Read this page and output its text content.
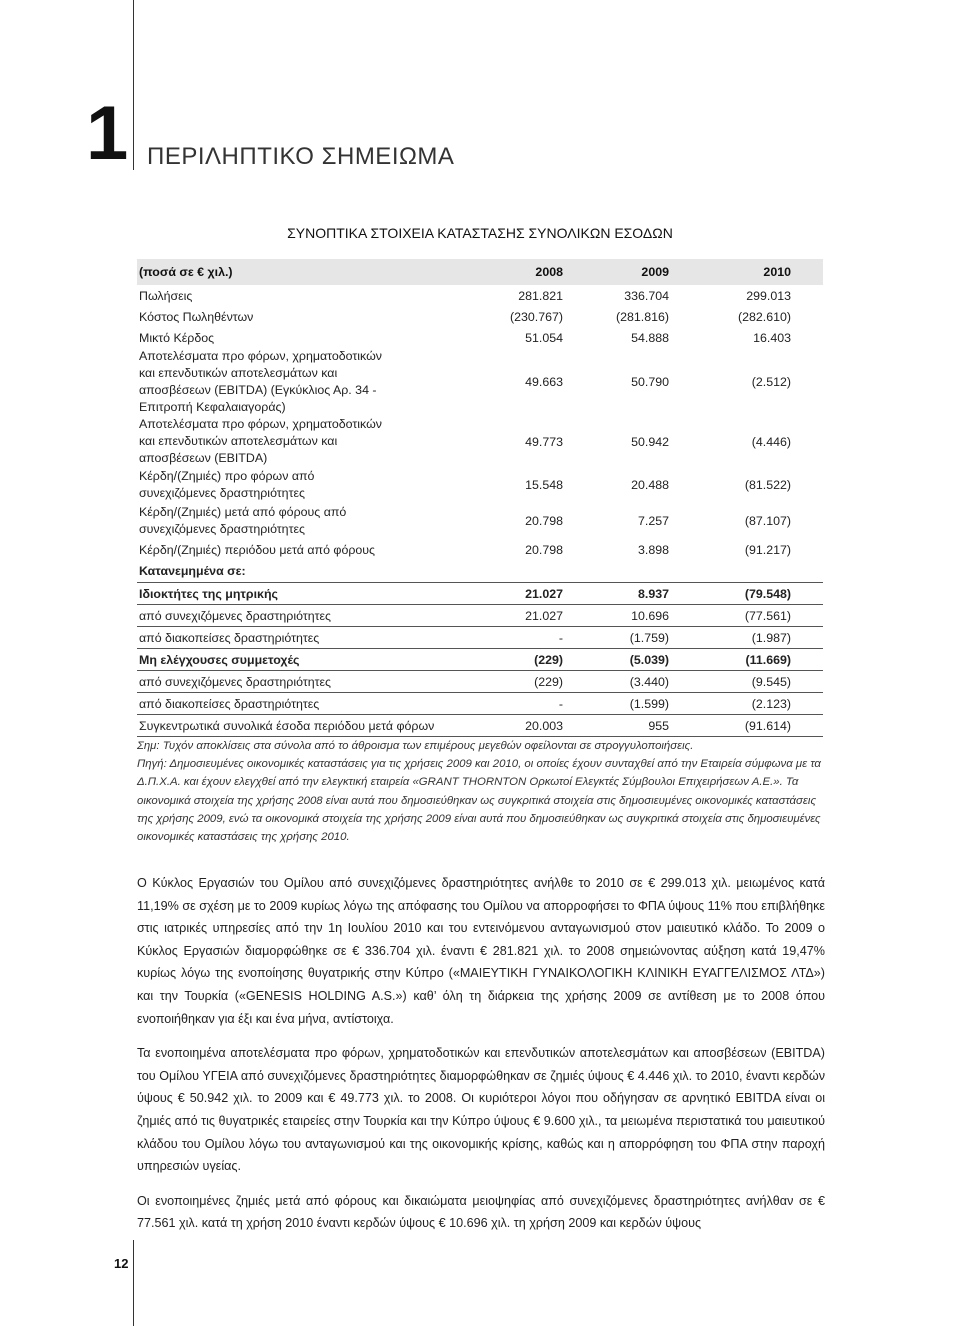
1 ΠΕΡΙΛΗΠΤΙΚΟ ΣΗΜΕΙΩΜΑ
ΣΥΝΟΠΤΙΚΑ ΣΤΟΙΧΕΙΑ ΚΑΤΑΣΤΑΣΗΣ ΣΥΝΟΛΙΚΩΝ ΕΣΟΔΩΝ
(ποσά σε € χιλ.)	2008	2009	2010
Πωλήσεις	281.821	336.704	299.013
Κόστος Πωληθέντων	(230.767)	(281.816)	(282.610)
Μικτό Κέρδος	51.054	54.888	16.403
Αποτελέσματα προ φόρων, χρηματοδοτικών και επενδυτικών αποτελεσμάτων και αποσβέσεων (EBITDA) (Εγκύκλιος Αρ. 34 - Επιτροπή Κεφαλαιαγοράς)	49.663	50.790	(2.512)
Αποτελέσματα προ φόρων, χρηματοδοτικών και επενδυτικών αποτελεσμάτων και αποσβέσεων (EBITDA)	49.773	50.942	(4.446)
Κέρδη/(Ζημιές) προ φόρων από συνεχιζόμενες δραστηριότητες	15.548	20.488	(81.522)
Κέρδη/(Ζημιές) μετά από φόρους από συνεχιζόμενες δραστηριότητες	20.798	7.257	(87.107)
Κέρδη/(Ζημιές) περιόδου μετά από φόρους	20.798	3.898	(91.217)
Κατανεμημένα σε:			
Ιδιοκτήτες της μητρικής	21.027	8.937	(79.548)
από συνεχιζόμενες δραστηριότητες	21.027	10.696	(77.561)
από διακοπείσες δραστηριότητες	-	(1.759)	(1.987)
Μη ελέγχουσες συμμετοχές	(229)	(5.039)	(11.669)
από συνεχιζόμενες δραστηριότητες	(229)	(3.440)	(9.545)
από διακοπείσες δραστηριότητες	-	(1.599)	(2.123)
Συγκεντρωτικά συνολικά έσοδα περιόδου μετά φόρων	20.003	955	(91.614)

Σημ: Τυχόν αποκλίσεις στα σύνολα από το άθροισμα των επιμέρους μεγεθών οφείλονται σε στρογγυλοποιήσεις.

Πηγή: Δημοσιευμένες οικονομικές καταστάσεις για τις χρήσεις 2009 και 2010, οι οποίες έχουν συνταχθεί από την Εταιρεία σύμφωνα με τα Δ.Π.Χ.Α. και έχουν ελεγχθεί από την ελεγκτική εταιρεία «GRANT THORNTON Ορκωτοί Ελεγκτές Σύμβουλοι Επιχειρήσεων Α.Ε.». Τα οικονομικά στοιχεία της χρήσης 2008 είναι αυτά που δημοσιεύθηκαν ως συγκριτικά στοιχεία στις δημοσιευμένες οικονομικές καταστάσεις της χρήσης 2009, ενώ τα οικονομικά στοιχεία της χρήσης 2009 είναι αυτά που δημοσιεύθηκαν ως συγκριτικά στοιχεία στις δημοσιευμένες οικονομικές καταστάσεις της χρήσης 2010.

Ο Κύκλος Εργασιών του Ομίλου από συνεχιζόμενες δραστηριότητες ανήλθε το 2010 σε € 299.013 χιλ. μειωμένος κατά 11,19% σε σχέση με το 2009 κυρίως λόγω της απόφασης του Ομίλου να απορροφήσει το ΦΠΑ ύψους 11% που επιβλήθηκε στις ιατρικές υπηρεσίες από την 1η Ιουλίου 2010 και του εντεινόμενου ανταγωνισμού στον μαιευτικό κλάδο. Το 2009 ο Κύκλος Εργασιών διαμορφώθηκε σε € 336.704 χιλ. έναντι € 281.821 χιλ. το 2008 σημειώνοντας αύξηση κατά 19,47% κυρίως λόγω της ενοποίησης θυγατρικής στην Κύπρο («ΜΑΙΕΥΤΙΚΗ ΓΥΝΑΙΚΟΛΟΓΙΚΗ ΚΛΙΝΙΚΗ ΕΥΑΓΓΕΛΙΣΜΟΣ ΛΤΔ») και την Τουρκία («GENESIS HOLDING A.S.») καθ’ όλη τη διάρκεια της χρήσης 2009 σε αντίθεση με το 2008 όπου ενοποιήθηκαν για έξι και ένα μήνα, αντίστοιχα.

Τα ενοποιημένα αποτελέσματα προ φόρων, χρηματοδοτικών και επενδυτικών αποτελεσμάτων και αποσβέσεων (EBITDA) του Ομίλου ΥΓΕΙΑ από συνεχιζόμενες δραστηριότητες διαμορφώθηκαν σε ζημιές ύψους € 4.446 χιλ. το 2010, έναντι κερδών ύψους € 50.942 χιλ. το 2009 και € 49.773 χιλ. το 2008. Οι κυριότεροι λόγοι που οδήγησαν σε αρνητικό EBITDA είναι οι ζημιές από τις θυγατρικές εταιρείες στην Τουρκία και την Κύπρο ύψους € 9.600 χιλ., τα μειωμένα περιστατικά του μαιευτικού κλάδου του Ομίλου λόγω του ανταγωνισμού και της οικονομικής κρίσης, καθώς και η απορρόφηση του ΦΠΑ στην παροχή υπηρεσιών υγείας.

Οι ενοποιημένες ζημιές μετά από φόρους και δικαιώματα μειοψηφίας από συνεχιζόμενες δραστηριότητες ανήλθαν σε € 77.561 χιλ. κατά τη χρήση 2010 έναντι κερδών ύψους € 10.696 χιλ. τη χρήση 2009 και κερδών ύψους

12
